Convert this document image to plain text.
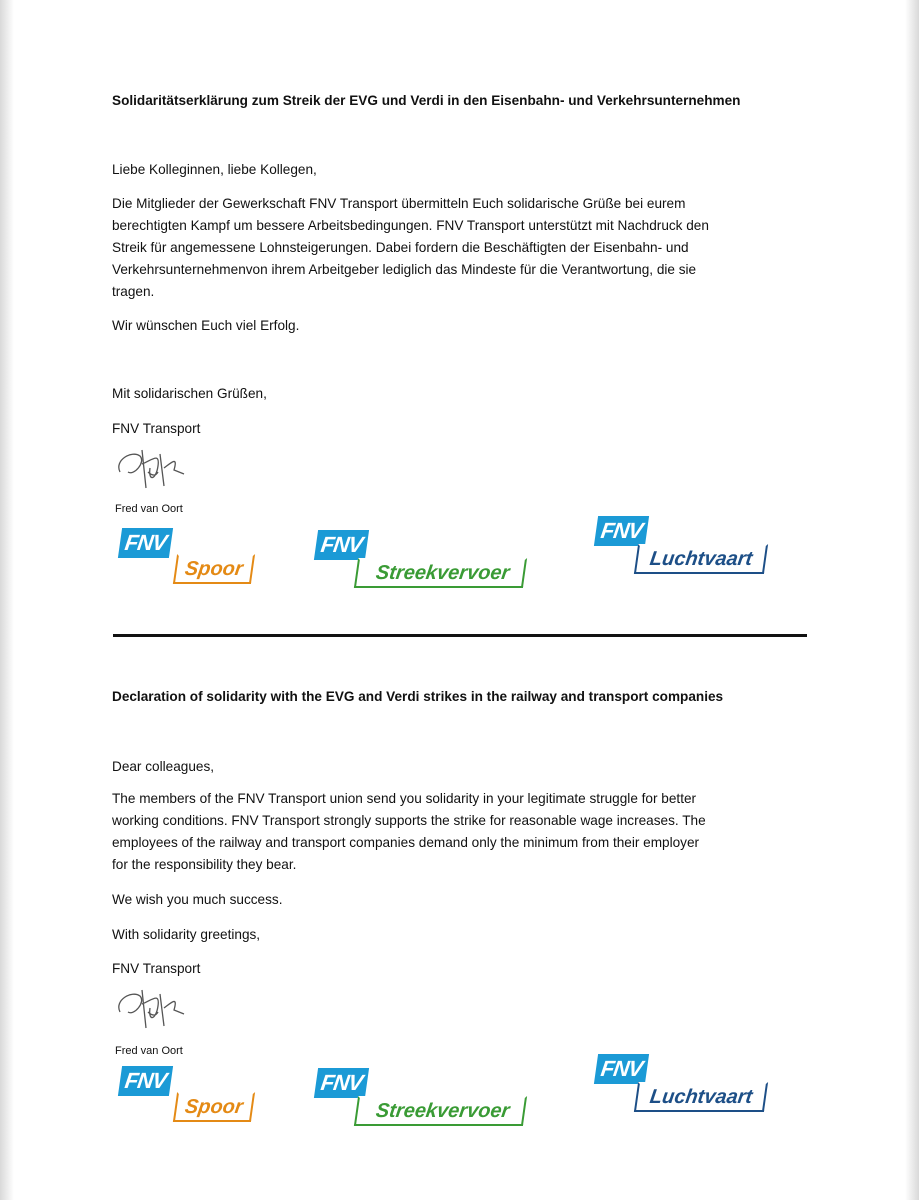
Solidaritätserklärung zum Streik der EVG und Verdi in den Eisenbahn- und Verkehrsunternehmen
Liebe Kolleginnen, liebe Kollegen,
Die Mitglieder der Gewerkschaft FNV Transport übermitteln Euch solidarische Grüße bei eurem
berechtigten Kampf um bessere Arbeitsbedingungen. FNV Transport unterstützt mit Nachdruck den
Streik für angemessene Lohnsteigerungen. Dabei fordern die Beschäftigten der Eisenbahn- und
Verkehrsunternehmenvon ihrem Arbeitgeber lediglich das Mindeste für die Verantwortung, die sie
tragen.
Wir wünschen Euch viel Erfolg.
Mit solidarischen Grüßen,
FNV Transport
Fred van Oort
FNV
Spoor
FNV
Streekvervoer
FNV
Luchtvaart
Declaration of solidarity with the EVG and Verdi strikes in the railway and transport companies
Dear colleagues,
The members of the FNV Transport union send you solidarity in your legitimate struggle for better
working conditions. FNV Transport strongly supports the strike for reasonable wage increases. The
employees of the railway and transport companies demand only the minimum from their employer
for the responsibility they bear.
We wish you much success.
With solidarity greetings,
FNV Transport
Fred van Oort
FNV
Spoor
FNV
Streekvervoer
FNV
Luchtvaart
